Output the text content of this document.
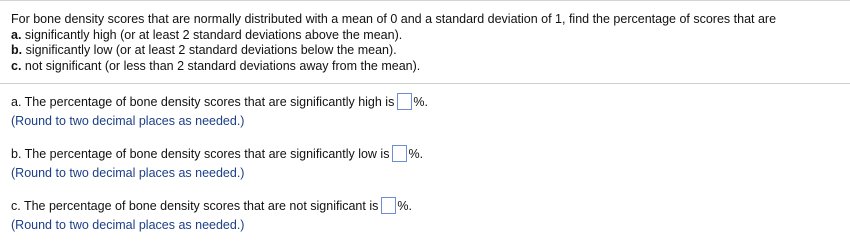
For bone density scores that are normally distributed with a mean of 0 and a standard deviation of 1, find the percentage of scores that are

a. significantly high (or at least 2 standard deviations above the mean).

b. significantly low (or at least 2 standard deviations below the mean).

c. not significant (or less than 2 standard deviations away from the mean).

a. The percentage of bone density scores that are significantly high is %.

(Round to two decimal places as needed.)

b. The percentage of bone density scores that are significantly low is %.

(Round to two decimal places as needed.)

c. The percentage of bone density scores that are not significant is %.

(Round to two decimal places as needed.)
